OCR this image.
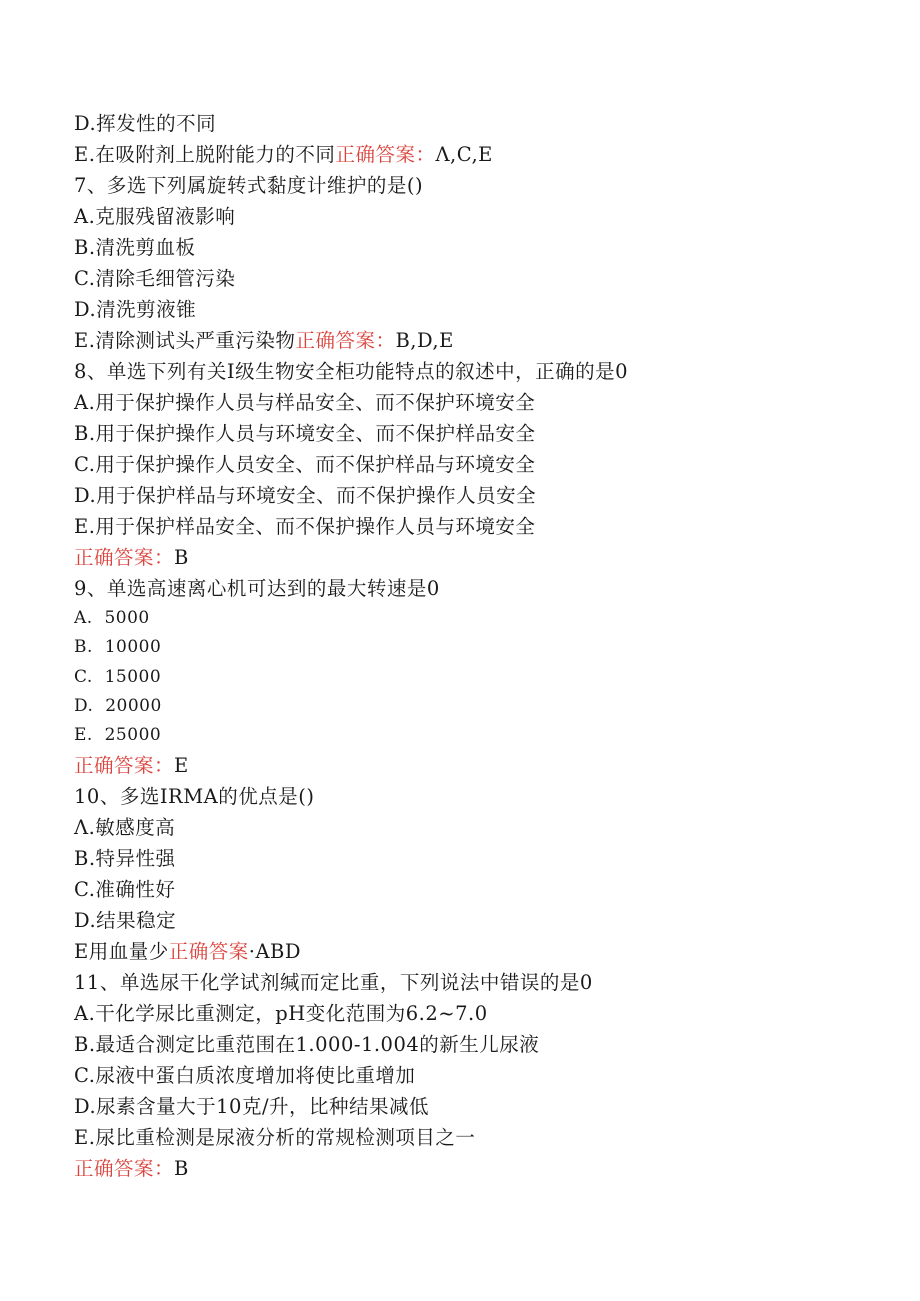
D.挥发性的不同
E.在吸附剂上脱附能力的不同正确答案：Λ,C,E
7、多选下列属旋转式黏度计维护的是()
A.克服残留液影响
B.清洗剪血板
C.清除毛细管污染
D.清洗剪液锥
E.清除测试头严重污染物正确答案：B,D,E
8、单选下列有关I级生物安全柜功能特点的叙述中，正确的是0
A.用于保护操作人员与样品安全、而不保护环境安全
B.用于保护操作人员与环境安全、而不保护样品安全
C.用于保护操作人员安全、而不保护样品与环境安全
D.用于保护样品与环境安全、而不保护操作人员安全
E.用于保护样品安全、而不保护操作人员与环境安全
正确答案：B
9、单选高速离心机可达到的最大转速是0
A.  5000
B.  10000
C.  15000
D.  20000
E.  25000
正确答案：E
10、多选IRMA的优点是()
Λ.敏感度高
B.特异性强
C.准确性好
D.结果稳定
E用血量少正确答案·ABD
11、单选尿干化学试剂缄而定比重，下列说法中错误的是0
A.干化学尿比重测定，pH变化范围为6.2~7.0
B.最适合测定比重范围在1.000-1.004的新生儿尿液
C.尿液中蛋白质浓度增加将使比重增加
D.尿素含量大于10克/升，比种结果减低
E.尿比重检测是尿液分析的常规检测项目之一
正确答案：B
